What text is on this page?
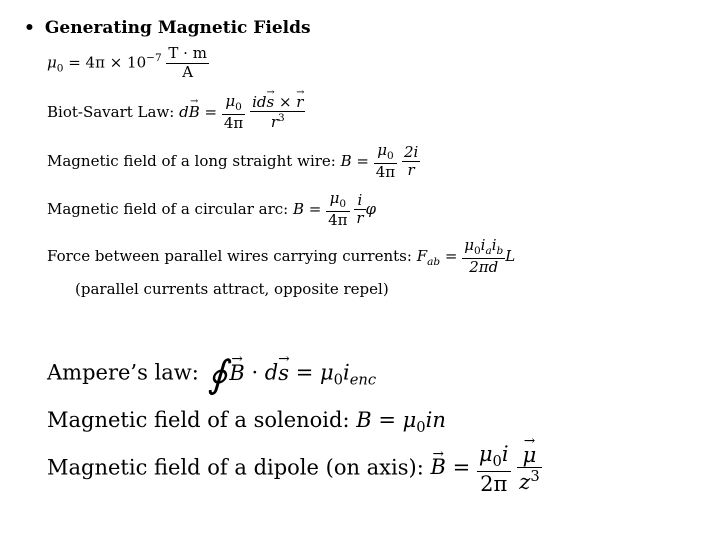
• Generating Magnetic Fields
$\mu_0 = 4\pi \times 10^{-7} \frac{T \cdot m}{A}$
Biot-Savart Law: dB → = $\frac{\mu_0}{4\pi}$
$\frac{\text{ids → × r →}}{r^3}$
Magnetic field of a long straight wire: $B = \frac{\mu_0}{4\pi}$
$\frac{2i}{r}$
Magnetic field of a circular arc: $B = \frac{\mu_0}{4\pi}$
$\frac{i}{r}$ φ
Force between parallel wires carrying currents: $F_{ab} = \frac{\mu_0i_ai_b}{2\pi d}$ L
(parallel currents attract, opposite repel)
Ampere’s law: ∮B → · ds → = $\mu_0i_{enc}$
Magnetic field of a solenoid: $B = \mu_0in$
Magnetic field of a dipole (on axis): B → = $\frac{\mu_0i}{2\pi}$
$\frac{\mu \to}{z^3}$
